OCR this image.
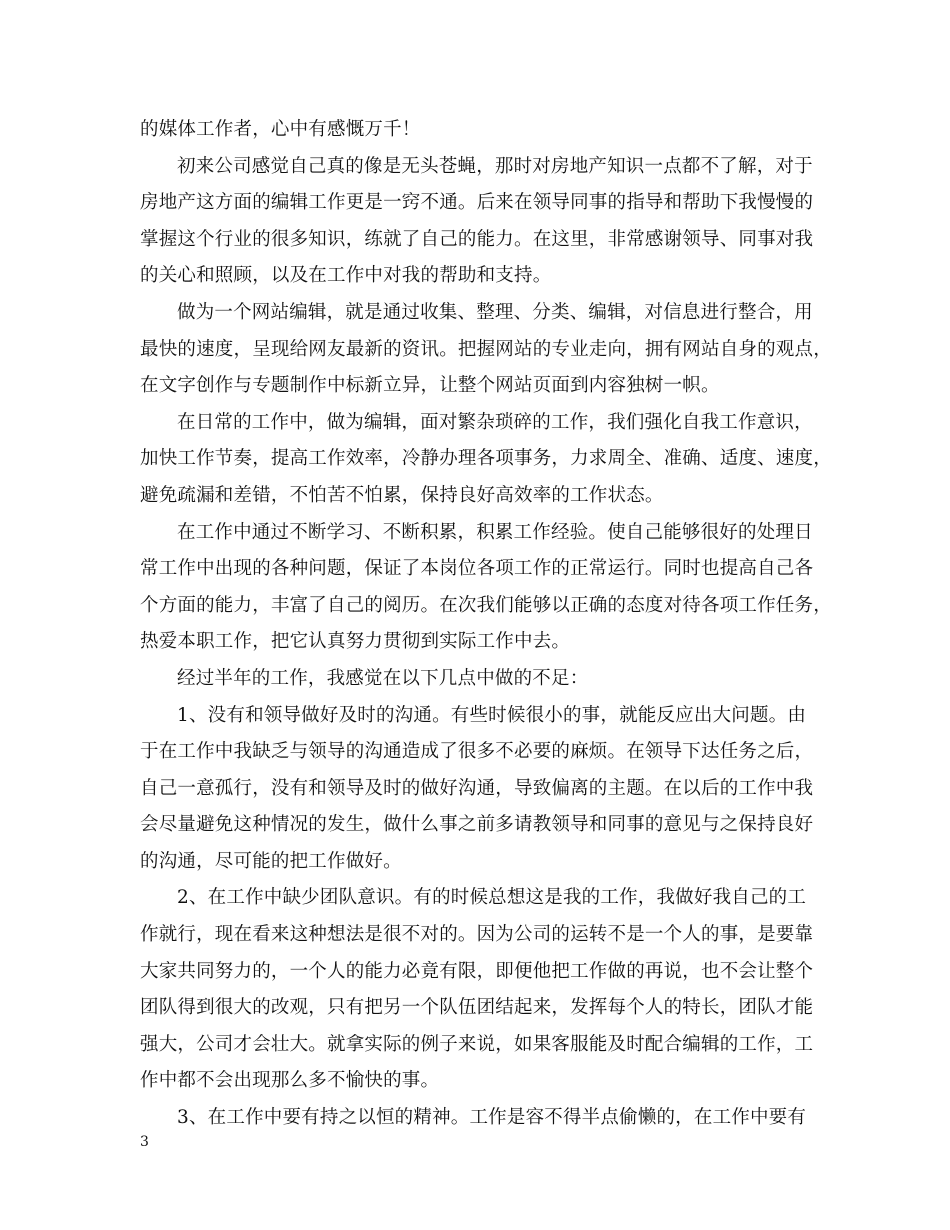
的媒体工作者，心中有感慨万千！
初来公司感觉自己真的像是无头苍蝇，那时对房地产知识一点都不了解，对于
房地产这方面的编辑工作更是一窍不通。后来在领导同事的指导和帮助下我慢慢的
掌握这个行业的很多知识，练就了自己的能力。在这里，非常感谢领导、同事对我
的关心和照顾，以及在工作中对我的帮助和支持。
做为一个网站编辑，就是通过收集、整理、分类、编辑，对信息进行整合，用
最快的速度，呈现给网友最新的资讯。把握网站的专业走向，拥有网站自身的观点，
在文字创作与专题制作中标新立异，让整个网站页面到内容独树一帜。
在日常的工作中，做为编辑，面对繁杂琐碎的工作，我们强化自我工作意识，
加快工作节奏，提高工作效率，冷静办理各项事务，力求周全、准确、适度、速度，
避免疏漏和差错，不怕苦不怕累，保持良好高效率的工作状态。
在工作中通过不断学习、不断积累，积累工作经验。使自己能够很好的处理日
常工作中出现的各种问题，保证了本岗位各项工作的正常运行。同时也提高自己各
个方面的能力，丰富了自己的阅历。在次我们能够以正确的态度对待各项工作任务，
热爱本职工作，把它认真努力贯彻到实际工作中去。
经过半年的工作，我感觉在以下几点中做的不足：
1、没有和领导做好及时的沟通。有些时候很小的事，就能反应出大问题。由
于在工作中我缺乏与领导的沟通造成了很多不必要的麻烦。在领导下达任务之后，
自己一意孤行，没有和领导及时的做好沟通，导致偏离的主题。在以后的工作中我
会尽量避免这种情况的发生，做什么事之前多请教领导和同事的意见与之保持良好
的沟通，尽可能的把工作做好。
2、在工作中缺少团队意识。有的时候总想这是我的工作，我做好我自己的工
作就行，现在看来这种想法是很不对的。因为公司的运转不是一个人的事，是要靠
大家共同努力的，一个人的能力必竟有限，即便他把工作做的再说，也不会让整个
团队得到很大的改观，只有把另一个队伍团结起来，发挥每个人的特长，团队才能
强大，公司才会壮大。就拿实际的例子来说，如果客服能及时配合编辑的工作，工
作中都不会出现那么多不愉快的事。
3、在工作中要有持之以恒的精神。工作是容不得半点偷懒的，在工作中要有
3
